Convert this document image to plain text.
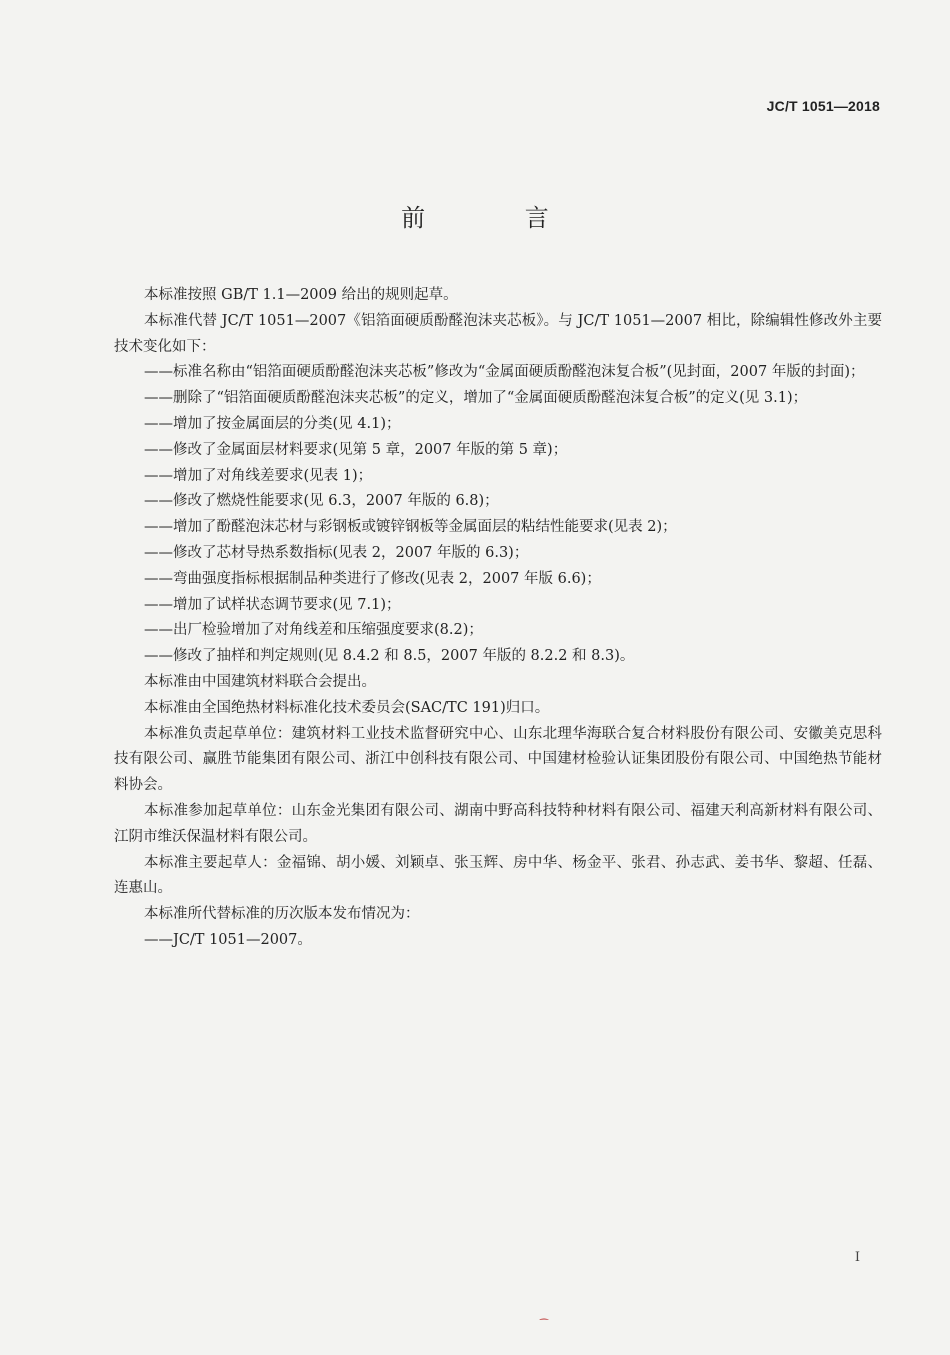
JC/T 1051—2018
前 言

本标准按照 GB/T 1.1—2009 给出的规则起草。

本标准代替 JC/T 1051—2007《铝箔面硬质酚醛泡沫夹芯板》。与 JC/T 1051—2007 相比，除编辑性修改外主要技术变化如下：

——标准名称由“铝箔面硬质酚醛泡沫夹芯板”修改为“金属面硬质酚醛泡沫复合板”(见封面，2007 年版的封面)；

——删除了“铝箔面硬质酚醛泡沫夹芯板”的定义，增加了“金属面硬质酚醛泡沫复合板”的定义(见 3.1)；

——增加了按金属面层的分类(见 4.1)；

——修改了金属面层材料要求(见第 5 章，2007 年版的第 5 章)；

——增加了对角线差要求(见表 1)；

——修改了燃烧性能要求(见 6.3，2007 年版的 6.8)；

——增加了酚醛泡沫芯材与彩钢板或镀锌钢板等金属面层的粘结性能要求(见表 2)；

——修改了芯材导热系数指标(见表 2，2007 年版的 6.3)；

——弯曲强度指标根据制品种类进行了修改(见表 2，2007 年版 6.6)；

——增加了试样状态调节要求(见 7.1)；

——出厂检验增加了对角线差和压缩强度要求(8.2)；

——修改了抽样和判定规则(见 8.4.2 和 8.5，2007 年版的 8.2.2 和 8.3)。

本标准由中国建筑材料联合会提出。

本标准由全国绝热材料标准化技术委员会(SAC/TC 191)归口。

本标准负责起草单位：建筑材料工业技术监督研究中心、山东北理华海联合复合材料股份有限公司、安徽美克思科技有限公司、赢胜节能集团有限公司、浙江中创科技有限公司、中国建材检验认证集团股份有限公司、中国绝热节能材料协会。

本标准参加起草单位：山东金光集团有限公司、湖南中野高科技特种材料有限公司、福建天利高新材料有限公司、江阴市维沃保温材料有限公司。

本标准主要起草人：金福锦、胡小媛、刘颖卓、张玉辉、房中华、杨金平、张君、孙志武、姜书华、黎超、任磊、连惠山。

本标准所代替标准的历次版本发布情况为：

——JC/T 1051—2007。

I
⁀
